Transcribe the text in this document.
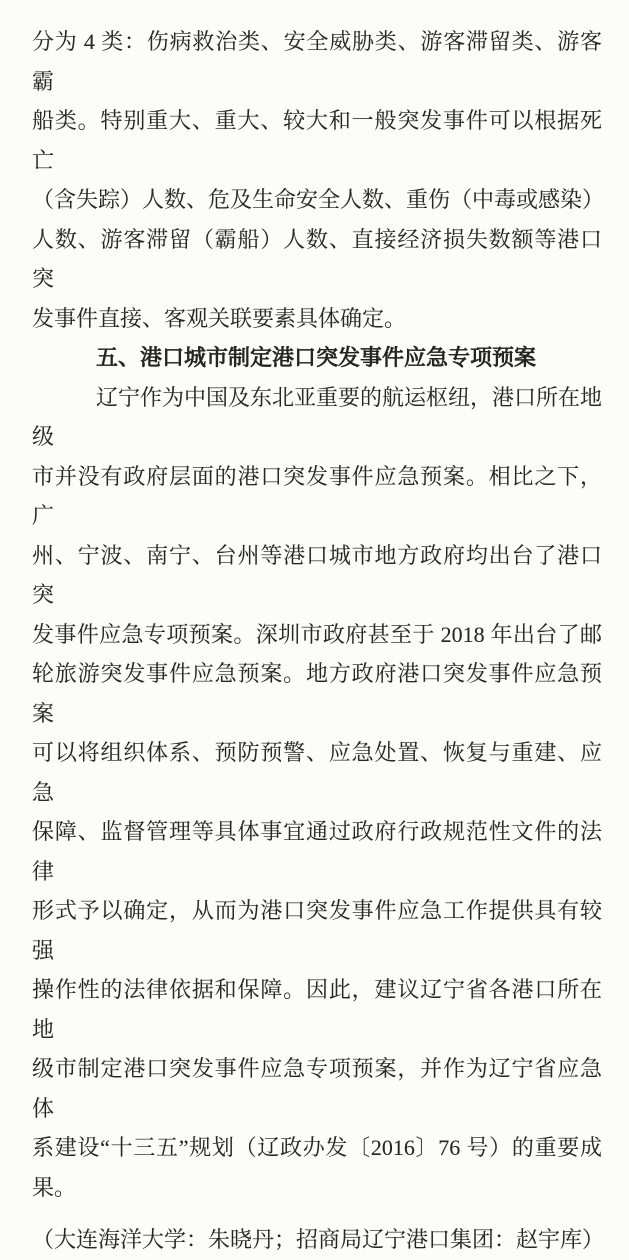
分为 4 类：伤病救治类、安全威胁类、游客滞留类、游客霸

船类。特别重大、重大、较大和一般突发事件可以根据死亡

（含失踪）人数、危及生命安全人数、重伤（中毒或感染）

人数、游客滞留（霸船）人数、直接经济损失数额等港口突

发事件直接、客观关联要素具体确定。

五、港口城市制定港口突发事件应急专项预案

辽宁作为中国及东北亚重要的航运枢纽，港口所在地级

市并没有政府层面的港口突发事件应急预案。相比之下，广

州、宁波、南宁、台州等港口城市地方政府均出台了港口突

发事件应急专项预案。深圳市政府甚至于 2018 年出台了邮

轮旅游突发事件应急预案。地方政府港口突发事件应急预案

可以将组织体系、预防预警、应急处置、恢复与重建、应急

保障、监督管理等具体事宜通过政府行政规范性文件的法律

形式予以确定，从而为港口突发事件应急工作提供具有较强

操作性的法律依据和保障。因此，建议辽宁省各港口所在地

级市制定港口突发事件应急专项预案，并作为辽宁省应急体

系建设“十三五”规划（辽政办发〔2016〕76 号）的重要成

果。

（大连海洋大学：朱晓丹；招商局辽宁港口集团：赵宇库）
